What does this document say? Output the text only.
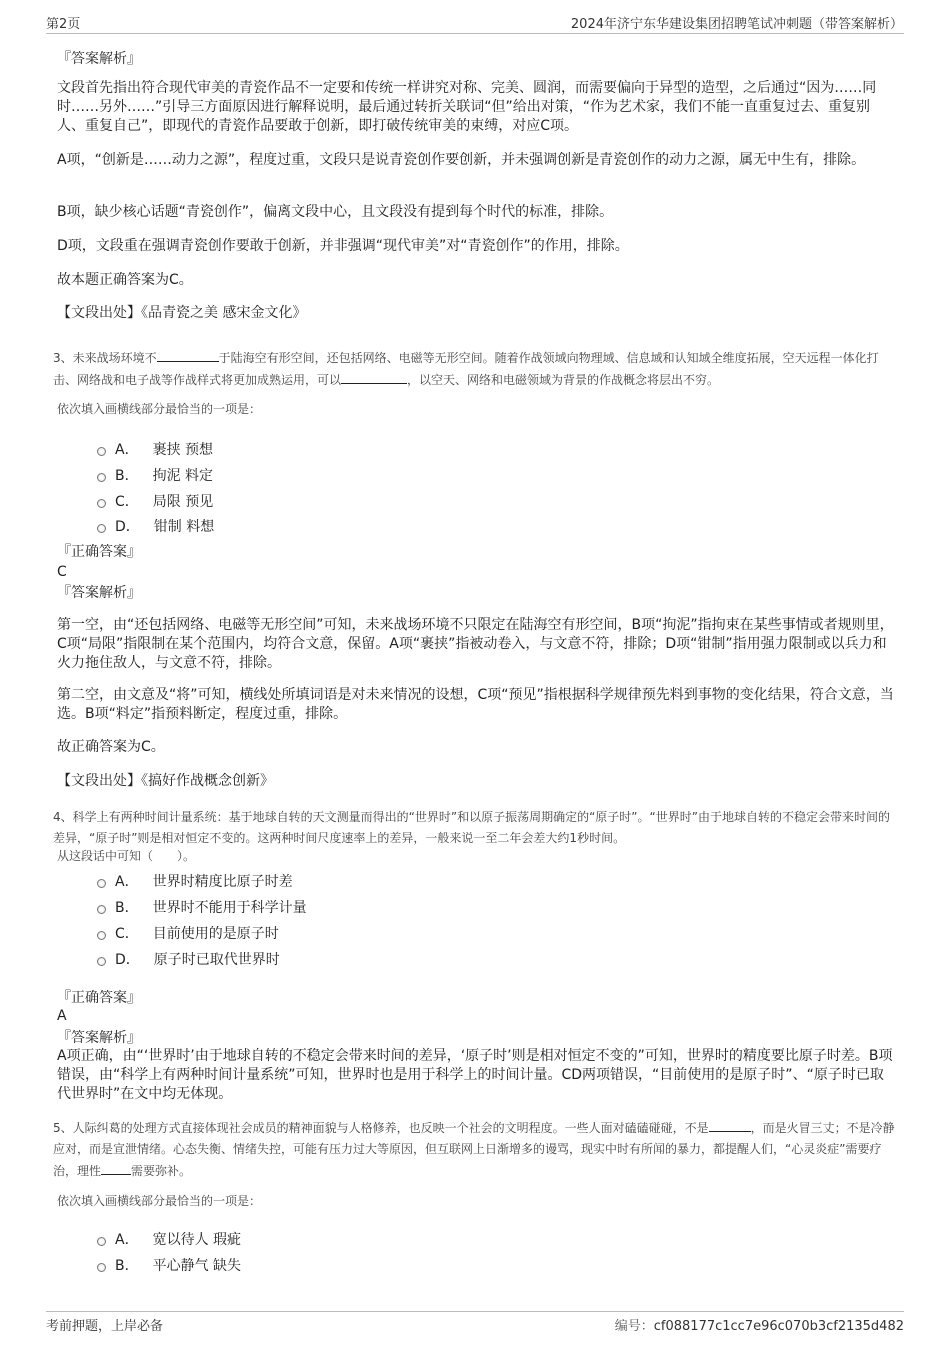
第2页	2024年济宁东华建设集团招聘笔试冲刺题（带答案解析）
『答案解析』
文段首先指出符合现代审美的青瓷作品不一定要和传统一样讲究对称、完美、圆润，而需要偏向于异型的造型，之后通过“因为……同时……另外……”引导三方面原因进行解释说明，最后通过转折关联词“但”给出对策，“作为艺术家，我们不能一直重复过去、重复别人、重复自己”，即现代的青瓷作品要敢于创新，即打破传统审美的束缚，对应C项。
A项，“创新是……动力之源”，程度过重，文段只是说青瓷创作要创新，并未强调创新是青瓷创作的动力之源，属无中生有，排除。
B项，缺少核心话题“青瓷创作”，偏离文段中心，且文段没有提到每个时代的标准，排除。
D项，文段重在强调青瓷创作要敢于创新，并非强调“现代审美”对“青瓷创作”的作用，排除。
故本题正确答案为C。
【文段出处】《品青瓷之美 感宋金文化》
3、未来战场环境不	于陆海空有形空间，还包括网络、电磁等无形空间。随着作战领域向物理域、信息域和认知域全维度拓展，空天远程一体化打击、网络战和电子战等作战样式将更加成熟运用，可以	，以空天、网络和电磁领域为背景的作战概念将层出不穷。
依次填入画横线部分最恰当的一项是：
A． 裹挟 预想
B． 拘泥 料定
C． 局限 预见
D． 钳制 料想
『正确答案』
C
『答案解析』
第一空，由“还包括网络、电磁等无形空间”可知，未来战场环境不只限定在陆海空有形空间，B项“拘泥”指拘束在某些事情或者规则里，C项“局限”指限制在某个范围内，均符合文意，保留。A项“裹挟”指被动卷入，与文意不符，排除；D项“钳制”指用强力限制或以兵力和火力拖住敌人，与文意不符，排除。
第二空，由文意及“将”可知，横线处所填词语是对未来情况的设想，C项“预见”指根据科学规律预先料到事物的变化结果，符合文意，当选。B项“料定”指预料断定，程度过重，排除。
故正确答案为C。
【文段出处】《搞好作战概念创新》
4、科学上有两种时间计量系统：基于地球自转的天文测量而得出的“世界时”和以原子振荡周期确定的“原子时”。“世界时”由于地球自转的不稳定会带来时间的差异，“原子时”则是相对恒定不变的。这两种时间尺度速率上的差异，一般来说一至二年会差大约1秒时间。
从这段话中可知（　　）。
A． 世界时精度比原子时差
B． 世界时不能用于科学计量
C． 目前使用的是原子时
D． 原子时已取代世界时
『正确答案』
A
『答案解析』
A项正确，由“‘世界时’由于地球自转的不稳定会带来时间的差异，‘原子时’则是相对恒定不变的”可知，世界时的精度要比原子时差。B项错误，由“科学上有两种时间计量系统”可知，世界时也是用于科学上的时间计量。CD两项错误，“目前使用的是原子时”、“原子时已取代世界时”在文中均无体现。
5、人际纠葛的处理方式直接体现社会成员的精神面貌与人格修养，也反映一个社会的文明程度。一些人面对磕磕碰碰，不是	，而是火冒三丈；不是冷静应对，而是宣泄情绪。心态失衡、情绪失控，可能有压力过大等原因，但互联网上日渐增多的谩骂，现实中时有所闻的暴力，都提醒人们，“心灵炎症”需要疗治，理性	需要弥补。
依次填入画横线部分最恰当的一项是：
A． 宽以待人 瑕疵
B． 平心静气 缺失
考前押题，上岸必备	编号：cf088177c1cc7e96c070b3cf2135d482
